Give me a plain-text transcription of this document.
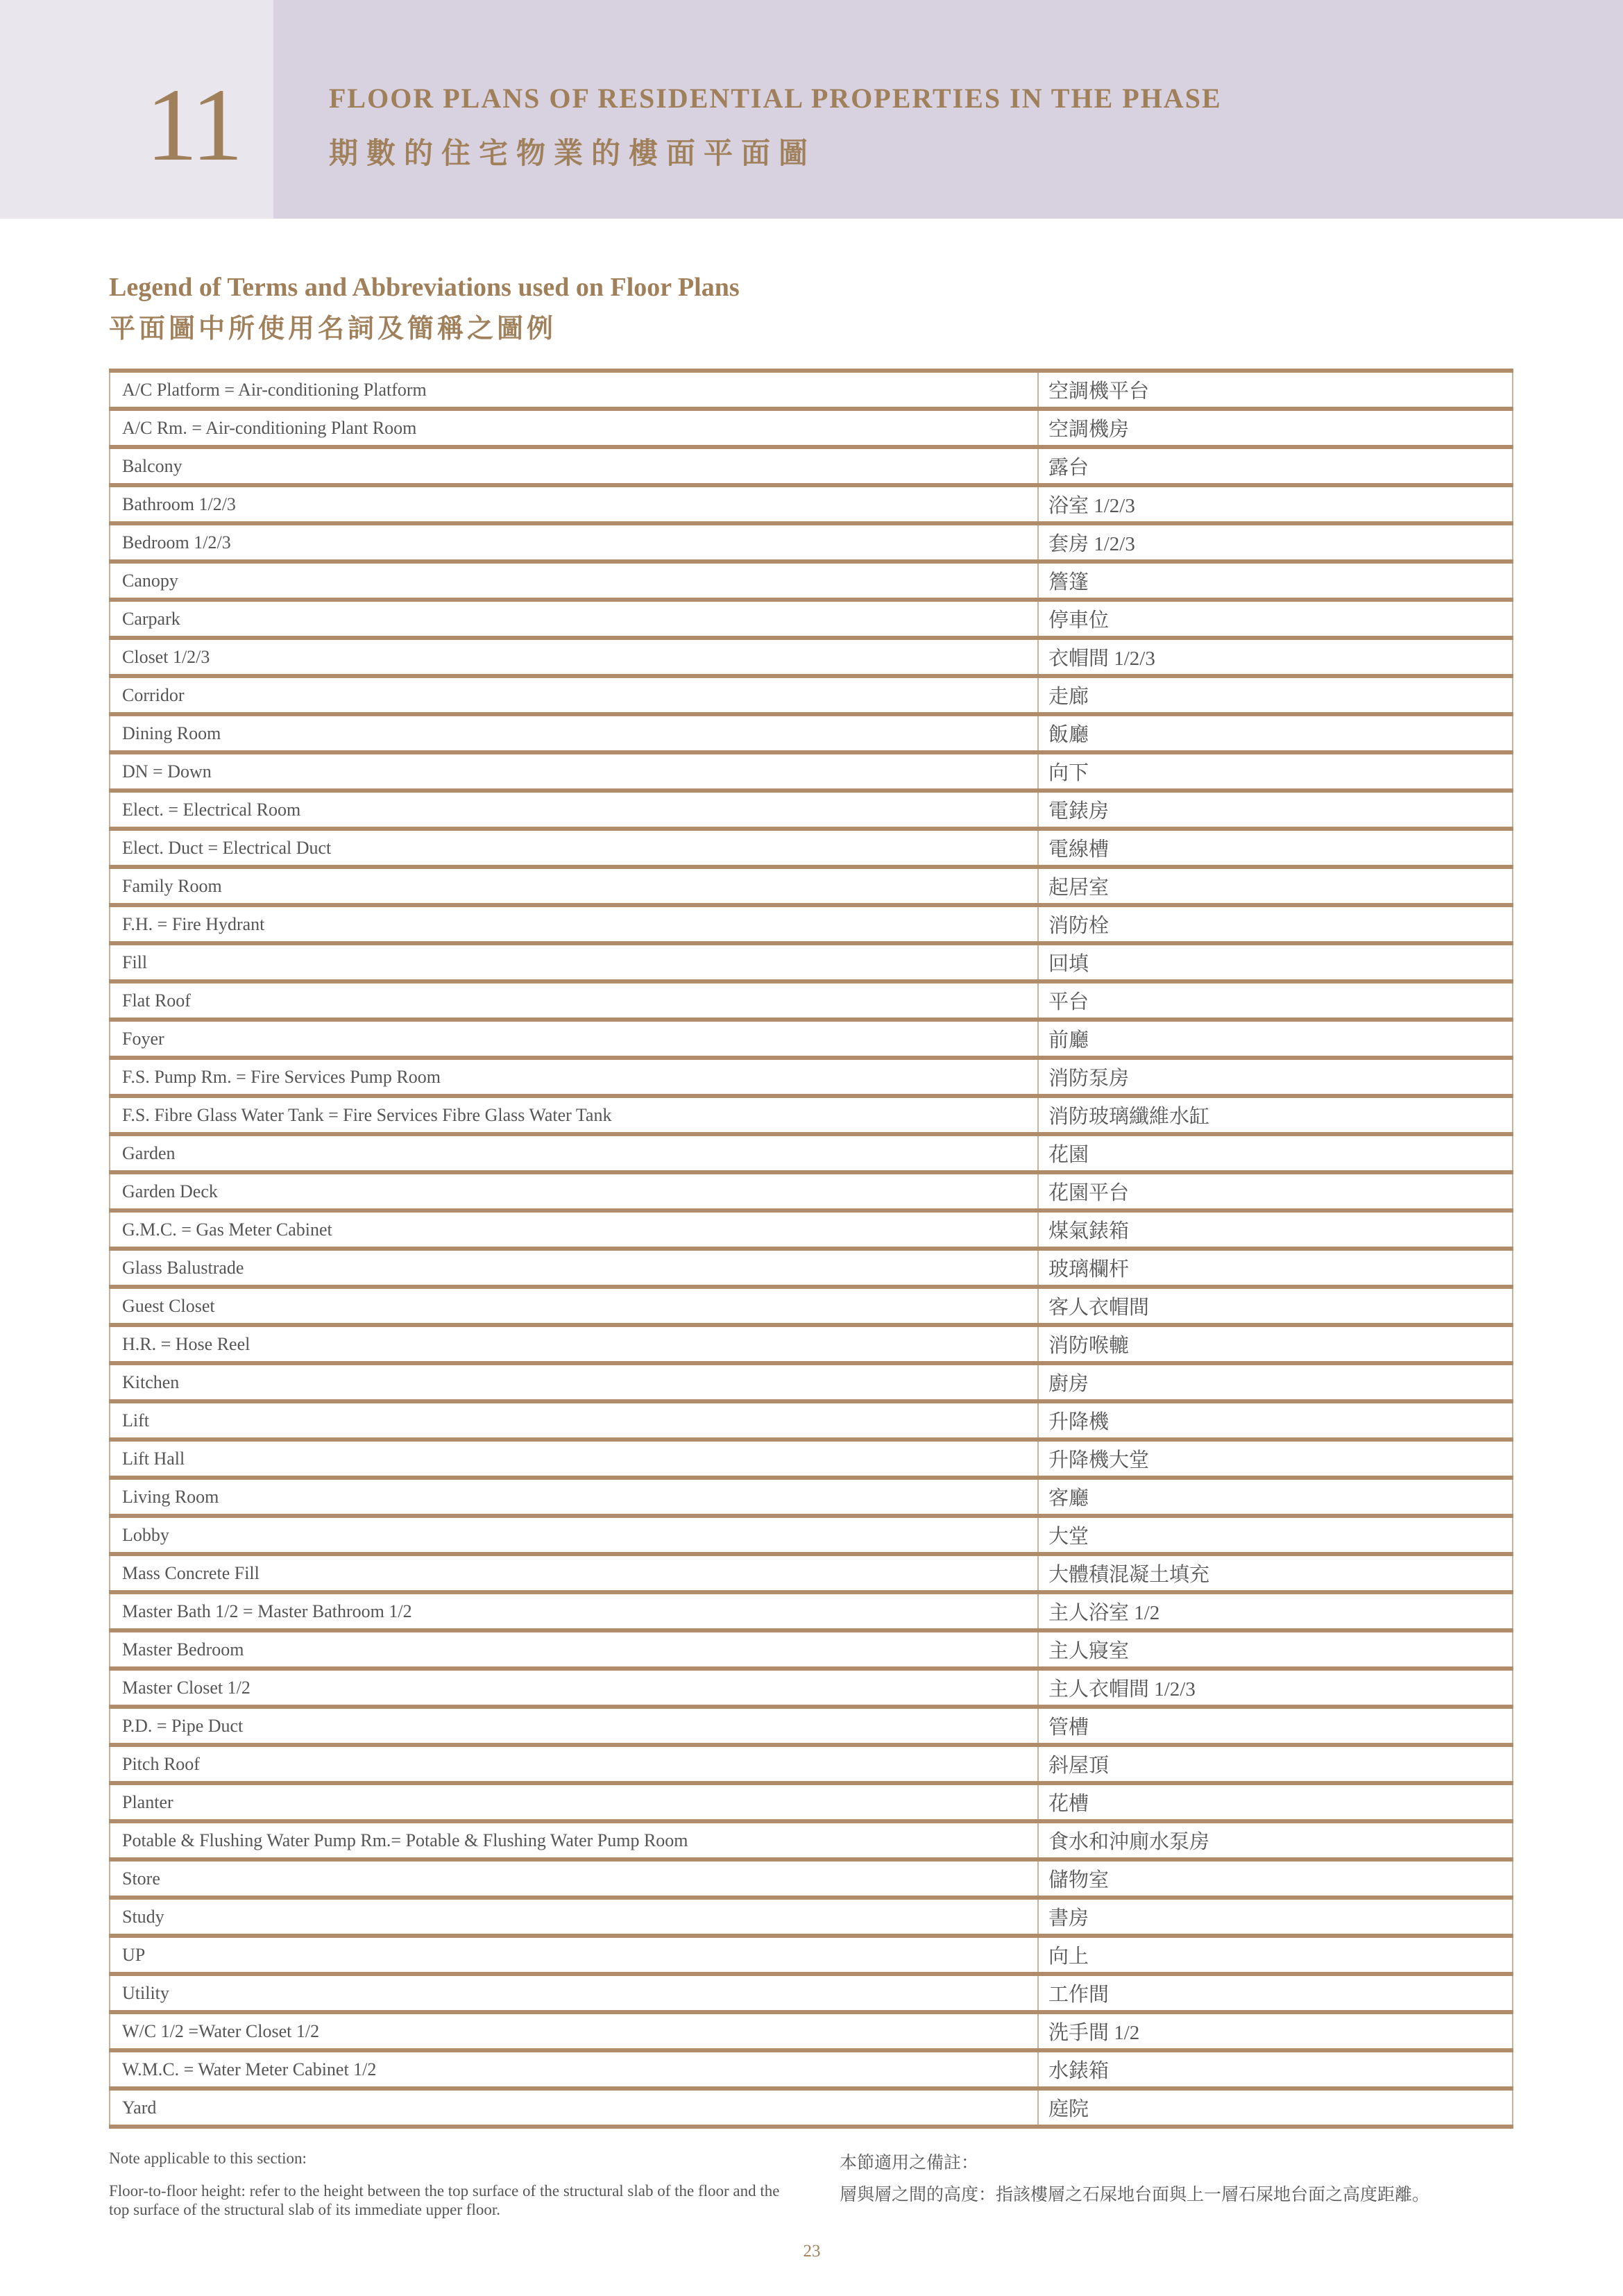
11	FLOOR PLANS OF RESIDENTIAL PROPERTIES IN THE PHASE
期數的住宅物業的樓面平面圖
Legend of Terms and Abbreviations used on Floor Plans
平面圖中所使用名詞及簡稱之圖例
A/C Platform = Air-conditioning Platform	空調機平台
A/C Rm. = Air-conditioning Plant Room	空調機房
Balcony	露台
Bathroom 1/2/3	浴室 1/2/3
Bedroom 1/2/3	套房 1/2/3
Canopy	簷篷
Carpark	停車位
Closet 1/2/3	衣帽間 1/2/3
Corridor	走廊
Dining Room	飯廳
DN = Down	向下
Elect. = Electrical Room	電錶房
Elect. Duct = Electrical Duct	電線槽
Family Room	起居室
F.H. = Fire Hydrant	消防栓
Fill	回填
Flat Roof	平台
Foyer	前廳
F.S. Pump Rm. = Fire Services Pump Room	消防泵房
F.S. Fibre Glass Water Tank = Fire Services Fibre Glass Water Tank	消防玻璃纖維水缸
Garden	花園
Garden Deck	花園平台
G.M.C. = Gas Meter Cabinet	煤氣錶箱
Glass Balustrade	玻璃欄杆
Guest Closet	客人衣帽間
H.R. = Hose Reel	消防喉轆
Kitchen	廚房
Lift	升降機
Lift Hall	升降機大堂
Living Room	客廳
Lobby	大堂
Mass Concrete Fill	大體積混凝土填充
Master Bath 1/2 = Master Bathroom 1/2	主人浴室 1/2
Master Bedroom	主人寢室
Master Closet 1/2	主人衣帽間 1/2/3
P.D. = Pipe Duct	管槽
Pitch Roof	斜屋頂
Planter	花槽
Potable & Flushing Water Pump Rm.= Potable & Flushing Water Pump Room	食水和沖廁水泵房
Store	儲物室
Study	書房
UP	向上
Utility	工作間
W/C 1/2 =Water Closet 1/2	洗手間 1/2
W.M.C. = Water Meter Cabinet 1/2	水錶箱
Yard	庭院
Note applicable to this section:
Floor-to-floor height: refer to the height between the top surface of the structural slab of the floor and the top surface of the structural slab of its immediate upper floor.
本節適用之備註：
層與層之間的高度：指該樓層之石屎地台面與上一層石屎地台面之高度距離。
23
